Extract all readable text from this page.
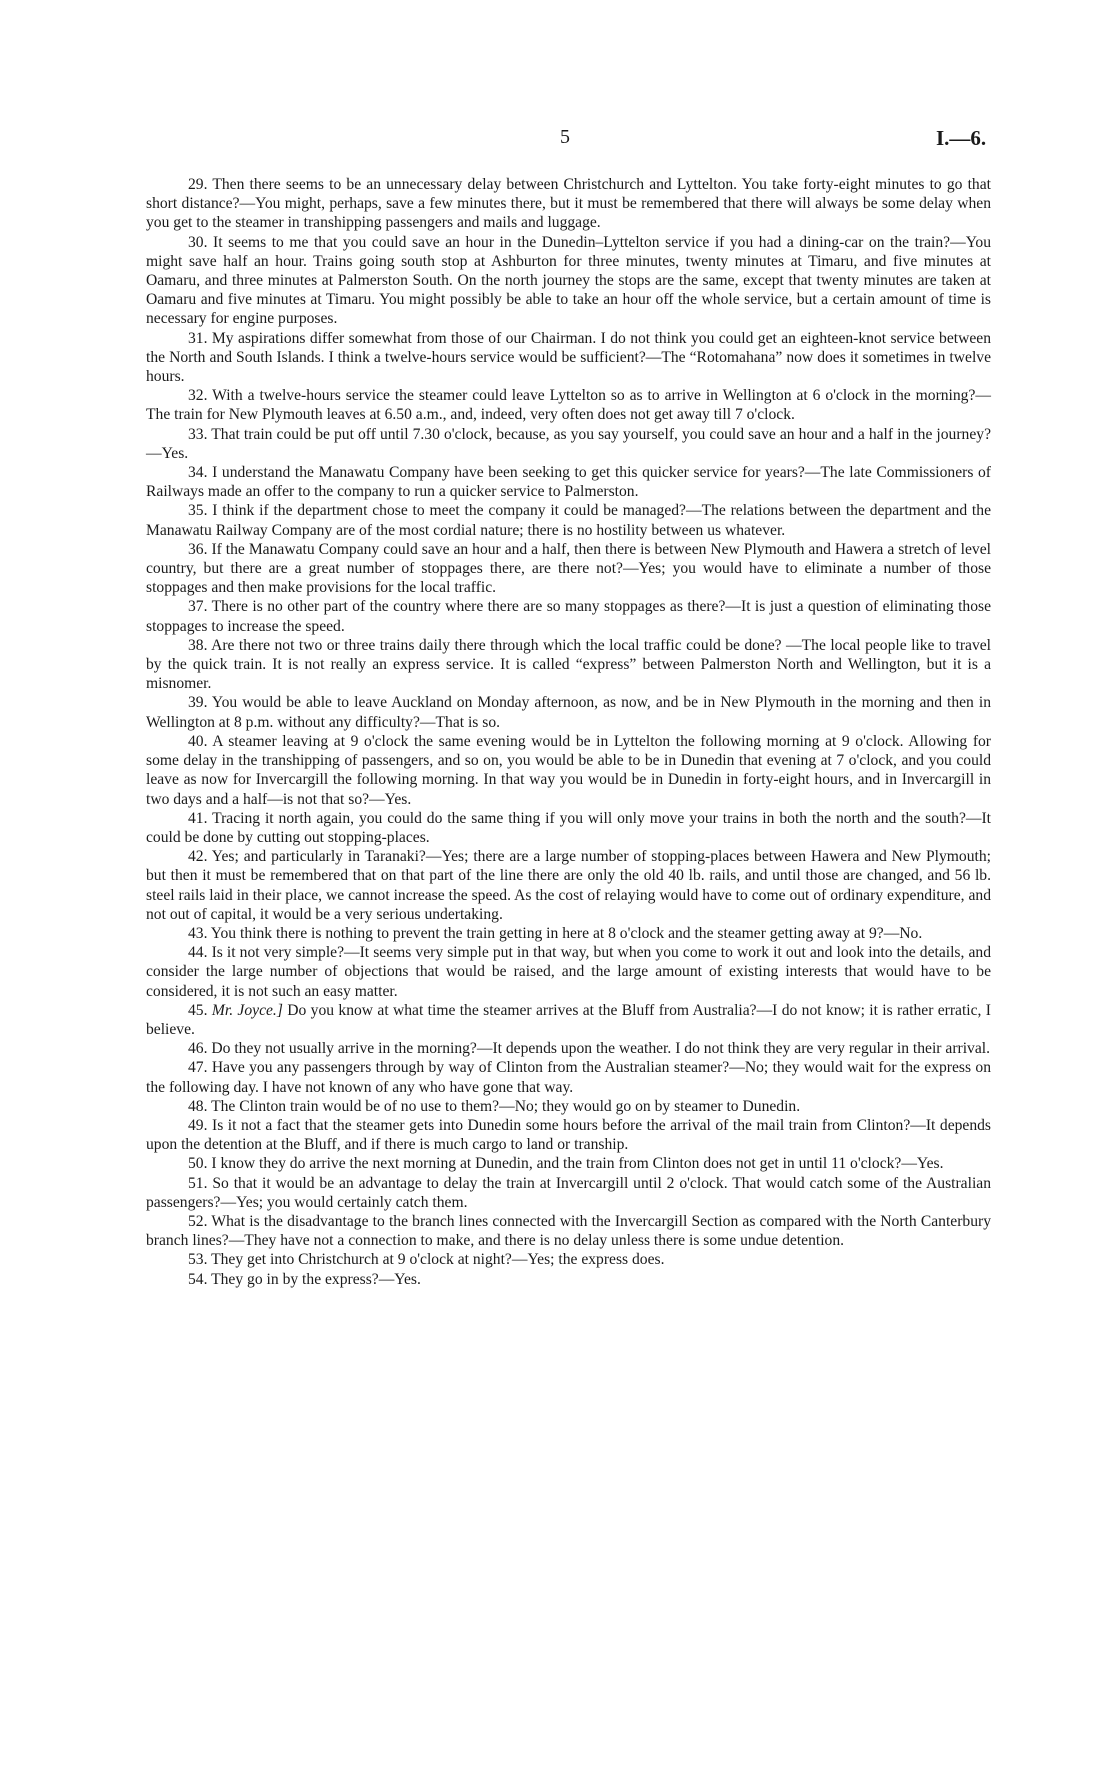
5	I.—6.

29. Then there seems to be an unnecessary delay between Christchurch and Lyttelton. You take forty-eight minutes to go that short distance?—You might, perhaps, save a few minutes there, but it must be remembered that there will always be some delay when you get to the steamer in transhipping passengers and mails and luggage.

30. It seems to me that you could save an hour in the Dunedin–Lyttelton service if you had a dining-car on the train?—You might save half an hour. Trains going south stop at Ashburton for three minutes, twenty minutes at Timaru, and five minutes at Oamaru, and three minutes at Palmerston South. On the north journey the stops are the same, except that twenty minutes are taken at Oamaru and five minutes at Timaru. You might possibly be able to take an hour off the whole service, but a certain amount of time is necessary for engine purposes.

31. My aspirations differ somewhat from those of our Chairman. I do not think you could get an eighteen-knot service between the North and South Islands. I think a twelve-hours service would be sufficient?—The “Rotomahana” now does it sometimes in twelve hours.

32. With a twelve-hours service the steamer could leave Lyttelton so as to arrive in Wellington at 6 o'clock in the morning?—The train for New Plymouth leaves at 6.50 a.m., and, indeed, very often does not get away till 7 o'clock.

33. That train could be put off until 7.30 o'clock, because, as you say yourself, you could save an hour and a half in the journey?—Yes.

34. I understand the Manawatu Company have been seeking to get this quicker service for years?—The late Commissioners of Railways made an offer to the company to run a quicker service to Palmerston.

35. I think if the department chose to meet the company it could be managed?—The relations between the department and the Manawatu Railway Company are of the most cordial nature; there is no hostility between us whatever.

36. If the Manawatu Company could save an hour and a half, then there is between New Plymouth and Hawera a stretch of level country, but there are a great number of stoppages there, are there not?—Yes; you would have to eliminate a number of those stoppages and then make provisions for the local traffic.

37. There is no other part of the country where there are so many stoppages as there?—It is just a question of eliminating those stoppages to increase the speed.

38. Are there not two or three trains daily there through which the local traffic could be done? —The local people like to travel by the quick train. It is not really an express service. It is called “express” between Palmerston North and Wellington, but it is a misnomer.

39. You would be able to leave Auckland on Monday afternoon, as now, and be in New Plymouth in the morning and then in Wellington at 8 p.m. without any difficulty?—That is so.

40. A steamer leaving at 9 o'clock the same evening would be in Lyttelton the following morning at 9 o'clock. Allowing for some delay in the transhipping of passengers, and so on, you would be able to be in Dunedin that evening at 7 o'clock, and you could leave as now for Invercargill the following morning. In that way you would be in Dunedin in forty-eight hours, and in Invercargill in two days and a half—is not that so?—Yes.

41. Tracing it north again, you could do the same thing if you will only move your trains in both the north and the south?—It could be done by cutting out stopping-places.

42. Yes; and particularly in Taranaki?—Yes; there are a large number of stopping-places between Hawera and New Plymouth; but then it must be remembered that on that part of the line there are only the old 40 lb. rails, and until those are changed, and 56 lb. steel rails laid in their place, we cannot increase the speed. As the cost of relaying would have to come out of ordinary expenditure, and not out of capital, it would be a very serious undertaking.

43. You think there is nothing to prevent the train getting in here at 8 o'clock and the steamer getting away at 9?—No.

44. Is it not very simple?—It seems very simple put in that way, but when you come to work it out and look into the details, and consider the large number of objections that would be raised, and the large amount of existing interests that would have to be considered, it is not such an easy matter.

45. Mr. Joyce.] Do you know at what time the steamer arrives at the Bluff from Australia?—I do not know; it is rather erratic, I believe.

46. Do they not usually arrive in the morning?—It depends upon the weather. I do not think they are very regular in their arrival.

47. Have you any passengers through by way of Clinton from the Australian steamer?—No; they would wait for the express on the following day. I have not known of any who have gone that way.

48. The Clinton train would be of no use to them?—No; they would go on by steamer to Dunedin.

49. Is it not a fact that the steamer gets into Dunedin some hours before the arrival of the mail train from Clinton?—It depends upon the detention at the Bluff, and if there is much cargo to land or tranship.

50. I know they do arrive the next morning at Dunedin, and the train from Clinton does not get in until 11 o'clock?—Yes.

51. So that it would be an advantage to delay the train at Invercargill until 2 o'clock. That would catch some of the Australian passengers?—Yes; you would certainly catch them.

52. What is the disadvantage to the branch lines connected with the Invercargill Section as compared with the North Canterbury branch lines?—They have not a connection to make, and there is no delay unless there is some undue detention.

53. They get into Christchurch at 9 o'clock at night?—Yes; the express does.

54. They go in by the express?—Yes.
